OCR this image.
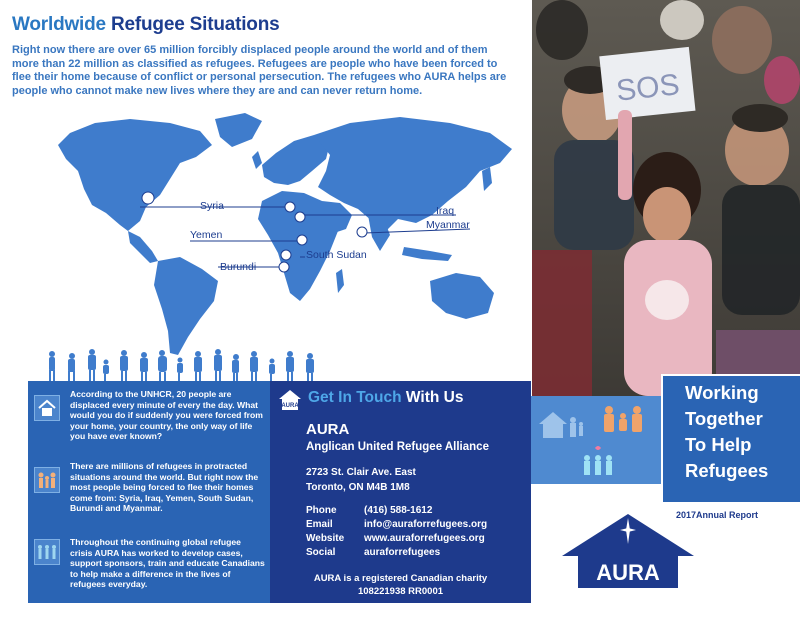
Worldwide Refugee Situations

Right now there are over 65 million forcibly displaced people around the world and of them more than 22 million as classified as refugees. Refugees are people who have been forced to flee their home because of conflict or personal persecution. The refugees who AURA helps are people who cannot make new lives where they are and can never return home.

Syria	Iraq
Myanmar
Yemen
South Sudan
Burundi

According to the UNHCR, 20 people are displaced every minute of every the day. What would you do if suddenly you were forced from your home, your country, the only way of life you have ever known?

There are millions of refugees in protracted situations around the world. But right now the most people being forced to flee their homes come from: Syria, Iraq, Yemen, South Sudan, Burundi and Myanmar.

Throughout the continuing global refugee crisis AURA has worked to develop cases, support sponsors, train and educate Canadians to help make a difference in the lives of refugees everyday.

AURA Get In Touch With Us
AURA
Anglican United Refugee Alliance
2723 St. Clair Ave. East
Toronto, ON M4B 1M8
Phone	(416) 588-1612
Email	info@auraforrefugees.org
Website www.auraforrefugees.org
Social	auraforrefugees
AURA is a registered Canadian charity
108221938 RR0001
SOS
Working
Together
To Help
Refugees
2017Annual Report
AURA
